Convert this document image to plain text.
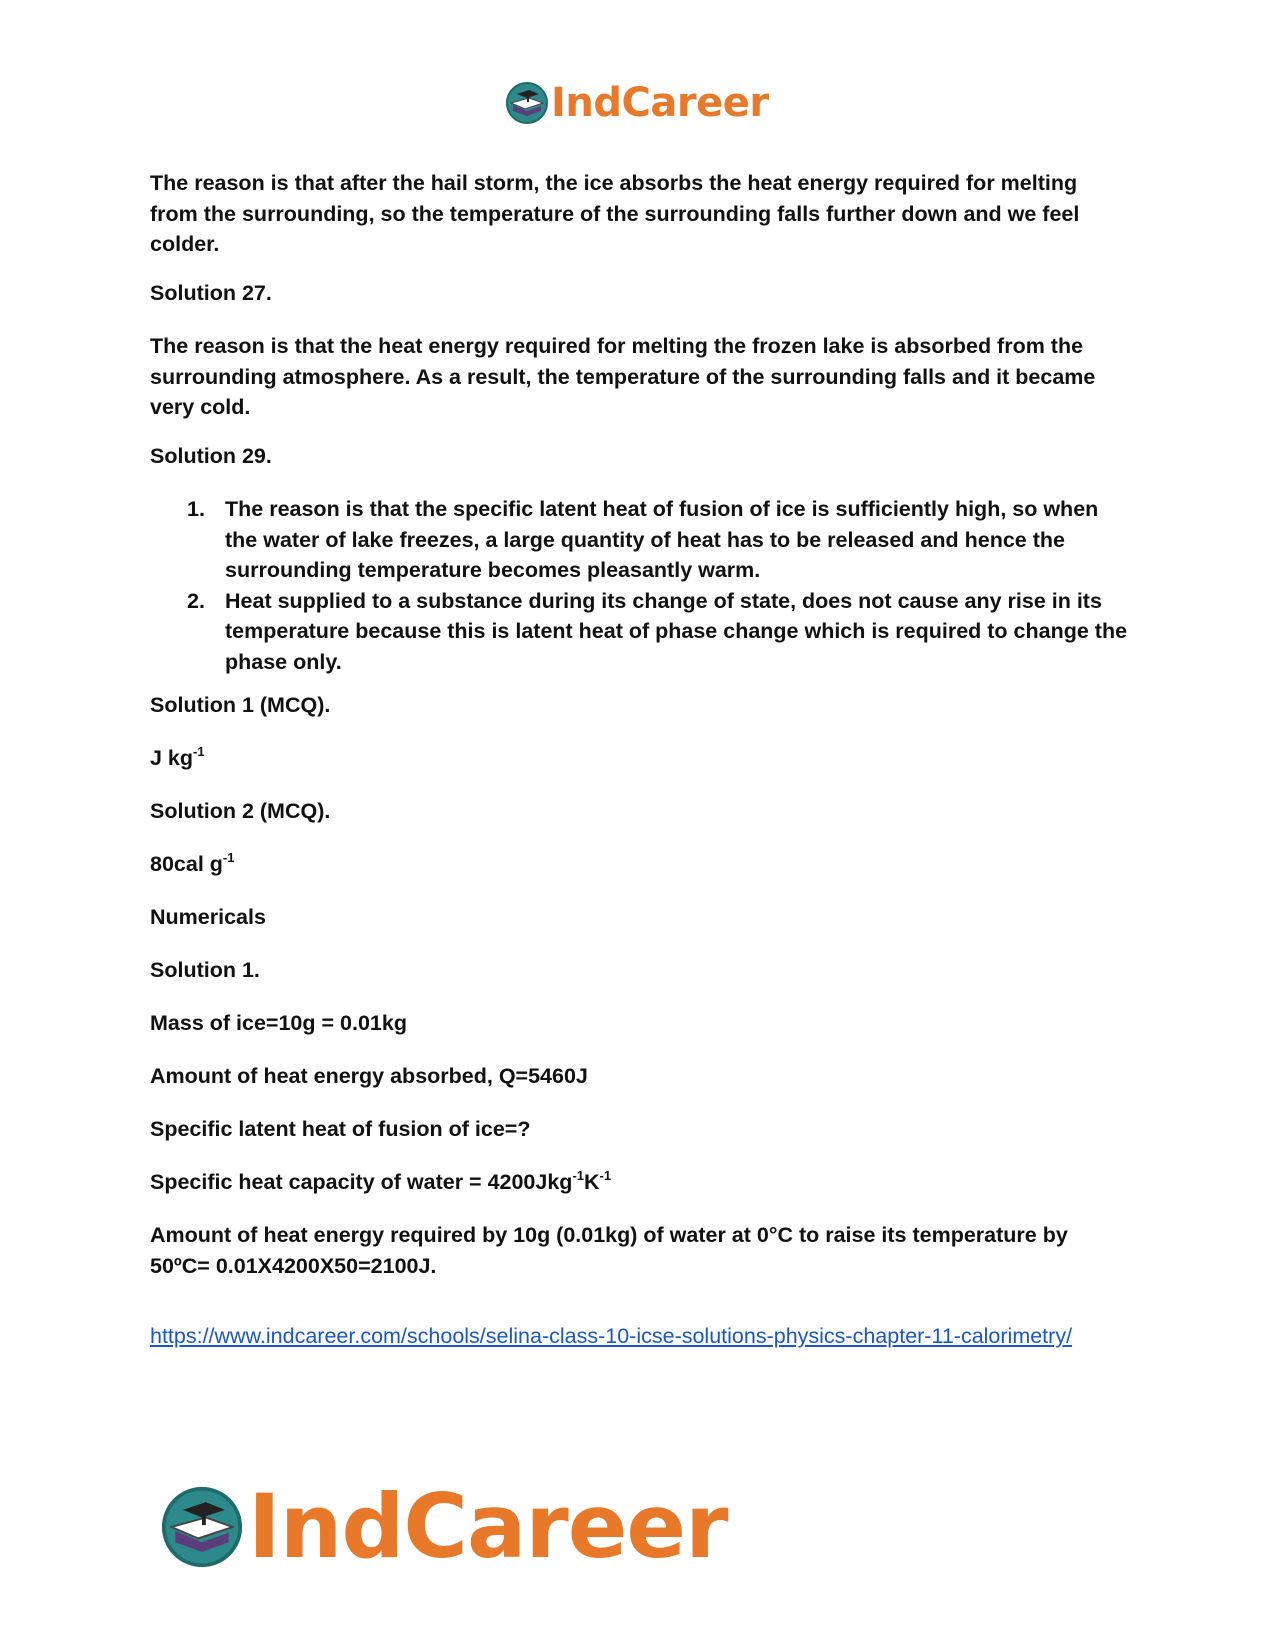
IndCareer

The reason is that after the hail storm, the ice absorbs the heat energy required for melting from the surrounding, so the temperature of the surrounding falls further down and we feel colder.

Solution 27.

The reason is that the heat energy required for melting the frozen lake is absorbed from the surrounding atmosphere. As a result, the temperature of the surrounding falls and it became very cold.

Solution 29.

1. The reason is that the specific latent heat of fusion of ice is sufficiently high, so when the water of lake freezes, a large quantity of heat has to be released and hence the surrounding temperature becomes pleasantly warm.
2. Heat supplied to a substance during its change of state, does not cause any rise in its temperature because this is latent heat of phase change which is required to change the phase only.

Solution 1 (MCQ).

J $kg^{-1}$

Solution 2 (MCQ).

80cal $g^{-1}$

Numericals

Solution 1.

Mass of ice=10g = 0.01kg

Amount of heat energy absorbed, Q=5460J

Specific latent heat of fusion of ice=?

Specific heat capacity of water = $4200Jkg^{-1}K^{-1}$

Amount of heat energy required by 10g (0.01kg) of water at 0°C to raise its temperature by 50ºC= 0.01X4200X50=2100J.

https://www.indcareer.com/schools/selina-class-10-icse-solutions-physics-chapter-11-calorimetry/
IndCareer
